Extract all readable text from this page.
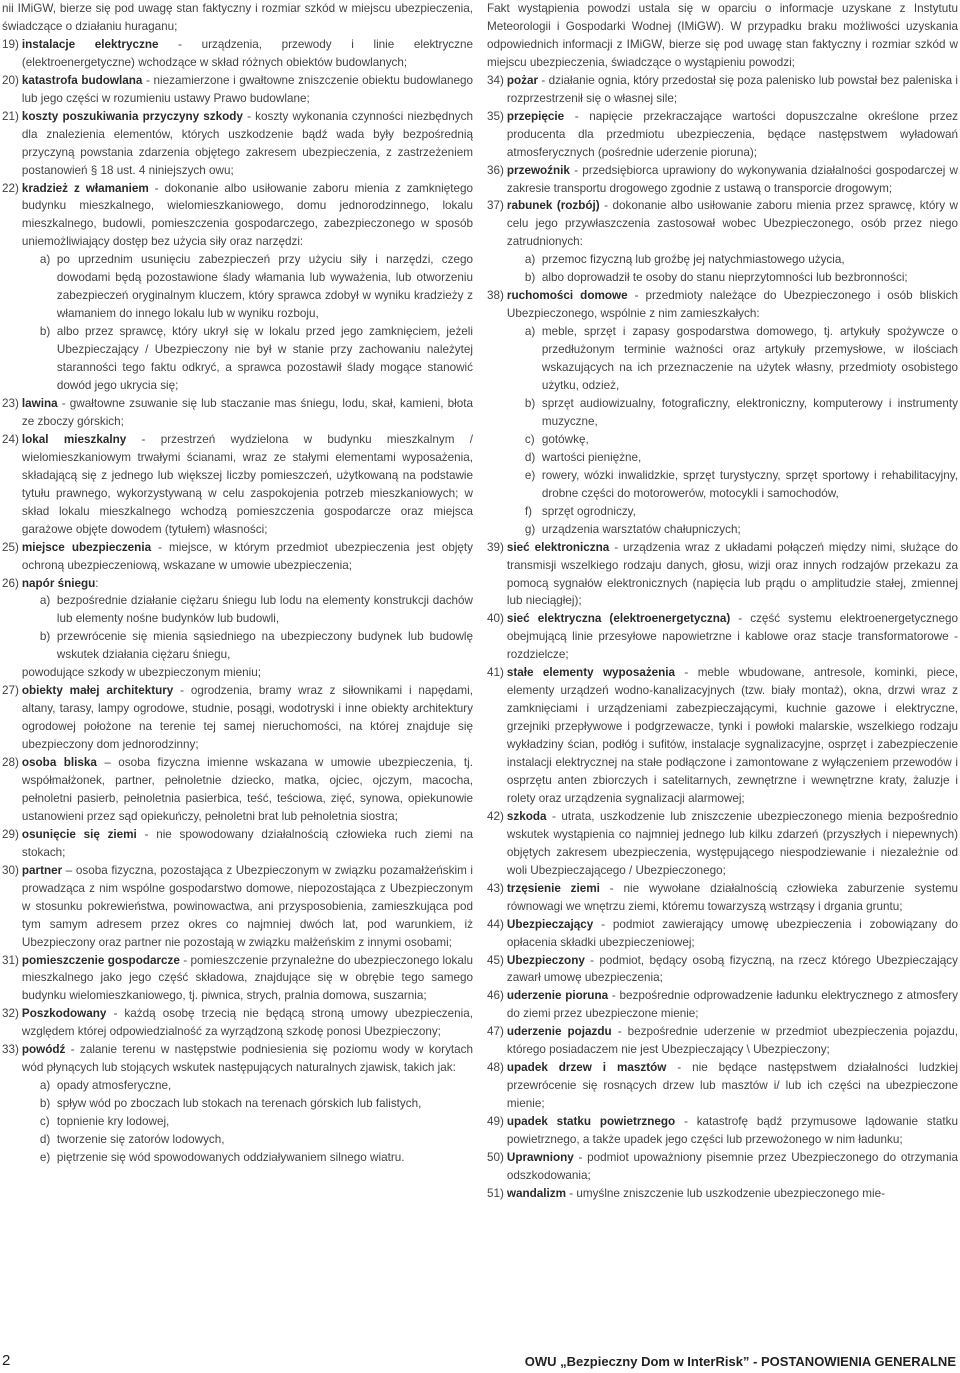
nii IMiGW, bierze się pod uwagę stan faktyczny i rozmiar szkód w miejscu ubezpieczenia, świadczące o działaniu huraganu;

19) instalacje elektryczne - urządzenia, przewody i linie elektryczne (elektroenergetyczne) wchodzące w skład różnych obiektów budowlanych;

20) katastrofa budowlana - niezamierzone i gwałtowne zniszczenie obiektu budowlanego lub jego części w rozumieniu ustawy Prawo budowlane;

21) koszty poszukiwania przyczyny szkody - koszty wykonania czynności niezbędnych dla znalezienia elementów, których uszkodzenie bądź wada były bezpośrednią przyczyną powstania zdarzenia objętego zakresem ubezpieczenia, z zastrzeżeniem postanowień § 18 ust. 4 niniejszych owu;

22) kradzież z włamaniem - dokonanie albo usiłowanie zaboru mienia z zamkniętego budynku mieszkalnego, wielomieszkaniowego, domu jednorodzinnego, lokalu mieszkalnego, budowli, pomieszczenia gospodarczego, zabezpieczonego w sposób uniemożliwiający dostęp bez użycia siły oraz narzędzi:

a) po uprzednim usunięciu zabezpieczeń przy użyciu siły i narzędzi, czego dowodami będą pozostawione ślady włamania lub wyważenia, lub otworzeniu zabezpieczeń oryginalnym kluczem, który sprawca zdobył w wyniku kradzieży z włamaniem do innego lokalu lub w wyniku rozboju,
b) albo przez sprawcę, który ukrył się w lokalu przed jego zamknięciem, jeżeli Ubezpieczający / Ubezpieczony nie był w stanie przy zachowaniu należytej staranności tego faktu odkryć, a sprawca pozostawił ślady mogące stanowić dowód jego ukrycia się;
23) lawina - gwałtowne zsuwanie się lub staczanie mas śniegu, lodu, skał, kamieni, błota ze zboczy górskich;

24) lokal mieszkalny - przestrzeń wydzielona w budynku mieszkalnym / wielomieszkaniowym trwałymi ścianami, wraz ze stałymi elementami wyposażenia, składającą się z jednego lub większej liczby pomieszczeń, użytkowaną na podstawie tytułu prawnego, wykorzystywaną w celu zaspokojenia potrzeb mieszkaniowych; w skład lokalu mieszkalnego wchodzą pomieszczenia gospodarcze oraz miejsca garażowe objęte dowodem (tytułem) własności;

25) miejsce ubezpieczenia - miejsce, w którym przedmiot ubezpieczenia jest objęty ochroną ubezpieczeniową, wskazane w umowie ubezpieczenia;

26) napór śniegu:

a) bezpośrednie działanie ciężaru śniegu lub lodu na elementy konstrukcji dachów lub elementy nośne budynków lub budowli,
b) przewrócenie się mienia sąsiedniego na ubezpieczony budynek lub budowlę wskutek działania ciężaru śniegu,

powodujące szkody w ubezpieczonym mieniu;

27) obiekty małej architektury - ogrodzenia, bramy wraz z siłownikami i napędami, altany, tarasy, lampy ogrodowe, studnie, posągi, wodotryski i inne obiekty architektury ogrodowej położone na terenie tej samej nieruchomości, na której znajduje się ubezpieczony dom jednorodzinny;

28) osoba bliska – osoba fizyczna imienne wskazana w umowie ubezpieczenia, tj. współmałżonek, partner, pełnoletnie dziecko, matka, ojciec, ojczym, macocha, pełnoletni pasierb, pełnoletnia pasierbica, teść, teściowa, zięć, synowa, opiekunowie ustanowieni przez sąd opiekuńczy, pełnoletni brat lub pełnoletnia siostra;

29) osunięcie się ziemi - nie spowodowany działalnością człowieka ruch ziemi na stokach;

30) partner – osoba fizyczna, pozostająca z Ubezpieczonym w związku pozamałżeńskim i prowadząca z nim wspólne gospodarstwo domowe, niepozostająca z Ubezpieczonym w stosunku pokrewieństwa, powinowactwa, ani przysposobienia, zamieszkująca pod tym samym adresem przez okres co najmniej dwóch lat, pod warunkiem, iż Ubezpieczony oraz partner nie pozostają w związku małżeńskim z innymi osobami;

31) pomieszczenie gospodarcze - pomieszczenie przynależne do ubezpieczonego lokalu mieszkalnego jako jego część składowa, znajdujące się w obrębie tego samego budynku wielomieszkaniowego, tj. piwnica, strych, pralnia domowa, suszarnia;

32) Poszkodowany - każdą osobę trzecią nie będącą stroną umowy ubezpieczenia, względem której odpowiedzialność za wyrządzoną szkodę ponosi Ubezpieczony;

33) powódź - zalanie terenu w następstwie podniesienia się poziomu wody w korytach wód płynących lub stojących wskutek następujących naturalnych zjawisk, takich jak:

a) opady atmosferyczne,
b) spływ wód po zboczach lub stokach na terenach górskich lub falistych,
c) topnienie kry lodowej,
d) tworzenie się zatorów lodowych,
e) piętrzenie się wód spowodowanych oddziaływaniem silnego wiatru.

Fakt wystąpienia powodzi ustala się w oparciu o informacje uzyskane z Instytutu Meteorologii i Gospodarki Wodnej (IMiGW). W przypadku braku możliwości uzyskania odpowiednich informacji z IMiGW, bierze się pod uwagę stan faktyczny i rozmiar szkód w miejscu ubezpieczenia, świadczące o wystąpieniu powodzi;

34) pożar - działanie ognia, który przedostał się poza palenisko lub powstał bez paleniska i rozprzestrzenił się o własnej sile;

35) przepięcie - napięcie przekraczające wartości dopuszczalne określone przez producenta dla przedmiotu ubezpieczenia, będące następstwem wyładowań atmosferycznych (pośrednie uderzenie pioruna);

36) przewoźnik - przedsiębiorca uprawiony do wykonywania działalności gospodarczej w zakresie transportu drogowego zgodnie z ustawą o transporcie drogowym;

37) rabunek (rozbój) - dokonanie albo usiłowanie zaboru mienia przez sprawcę, który w celu jego przywłaszczenia zastosował wobec Ubezpieczonego, osób przez niego zatrudnionych:

a) przemoc fizyczną lub groźbę jej natychmiastowego użycia,
b) albo doprowadził te osoby do stanu nieprzytomności lub bezbronności;
38) ruchomości domowe - przedmioty należące do Ubezpieczonego i osób bliskich Ubezpieczonego, wspólnie z nim zamieszkałych:

a) meble, sprzęt i zapasy gospodarstwa domowego, tj. artykuły spożywcze o przedłużonym terminie ważności oraz artykuły przemysłowe, w ilościach wskazujących na ich przeznaczenie na użytek własny, przedmioty osobistego użytku, odzież,
b) sprzęt audiowizualny, fotograficzny, elektroniczny, komputerowy i instrumenty muzyczne,
c) gotówkę,
d) wartości pieniężne,
e) rowery, wózki inwalidzkie, sprzęt turystyczny, sprzęt sportowy i rehabilitacyjny, drobne części do motorowerów, motocykli i samochodów,
f) sprzęt ogrodniczy,
g) urządzenia warsztatów chałupniczych;
39) sieć elektroniczna - urządzenia wraz z układami połączeń między nimi, służące do transmisji wszelkiego rodzaju danych, głosu, wizji oraz innych rodzajów przekazu za pomocą sygnałów elektronicznych (napięcia lub prądu o amplitudzie stałej, zmiennej lub nieciągłej);

40) sieć elektryczna (elektroenergetyczna) - część systemu elektroenergetycznego obejmującą linie przesyłowe napowietrzne i kablowe oraz stacje transformatorowe - rozdzielcze;

41) stałe elementy wyposażenia - meble wbudowane, antresole, kominki, piece, elementy urządzeń wodno-kanalizacyjnych (tzw. biały montaż), okna, drzwi wraz z zamknięciami i urządzeniami zabezpieczającymi, kuchnie gazowe i elektryczne, grzejniki przepływowe i podgrzewacze, tynki i powłoki malarskie, wszelkiego rodzaju wykładziny ścian, podłóg i sufitów, instalacje sygnalizacyjne, osprzęt i zabezpieczenie instalacji elektrycznej na stałe podłączone i zamontowane z wyłączeniem przewodów i osprzętu anten zbiorczych i satelitarnych, zewnętrzne i wewnętrzne kraty, żaluzje i rolety oraz urządzenia sygnalizacji alarmowej;

42) szkoda - utrata, uszkodzenie lub zniszczenie ubezpieczonego mienia bezpośrednio wskutek wystąpienia co najmniej jednego lub kilku zdarzeń (przyszłych i niepewnych) objętych zakresem ubezpieczenia, występującego niespodziewanie i niezależnie od woli Ubezpieczającego / Ubezpieczonego;

43) trzęsienie ziemi - nie wywołane działalnością człowieka zaburzenie systemu równowagi we wnętrzu ziemi, któremu towarzyszą wstrząsy i drgania gruntu;

44) Ubezpieczający - podmiot zawierający umowę ubezpieczenia i zobowiązany do opłacenia składki ubezpieczeniowej;

45) Ubezpieczony - podmiot, będący osobą fizyczną, na rzecz którego Ubezpieczający zawarł umowę ubezpieczenia;

46) uderzenie pioruna - bezpośrednie odprowadzenie ładunku elektrycznego z atmosfery do ziemi przez ubezpieczone mienie;

47) uderzenie pojazdu - bezpośrednie uderzenie w przedmiot ubezpieczenia pojazdu, którego posiadaczem nie jest Ubezpieczający \ Ubezpieczony;

48) upadek drzew i masztów - nie będące następstwem działalności ludzkiej przewrócenie się rosnących drzew lub masztów i/ lub ich części na ubezpieczone mienie;

49) upadek statku powietrznego - katastrofę bądź przymusowe lądowanie statku powietrznego, a także upadek jego części lub przewożonego w nim ładunku;

50) Uprawniony - podmiot upoważniony pisemnie przez Ubezpieczonego do otrzymania odszkodowania;

51) wandalizm - umyślne zniszczenie lub uszkodzenie ubezpieczonego mie-

2	OWU „Bezpieczny Dom w InterRisk” - POSTANOWIENIA GENERALNE
